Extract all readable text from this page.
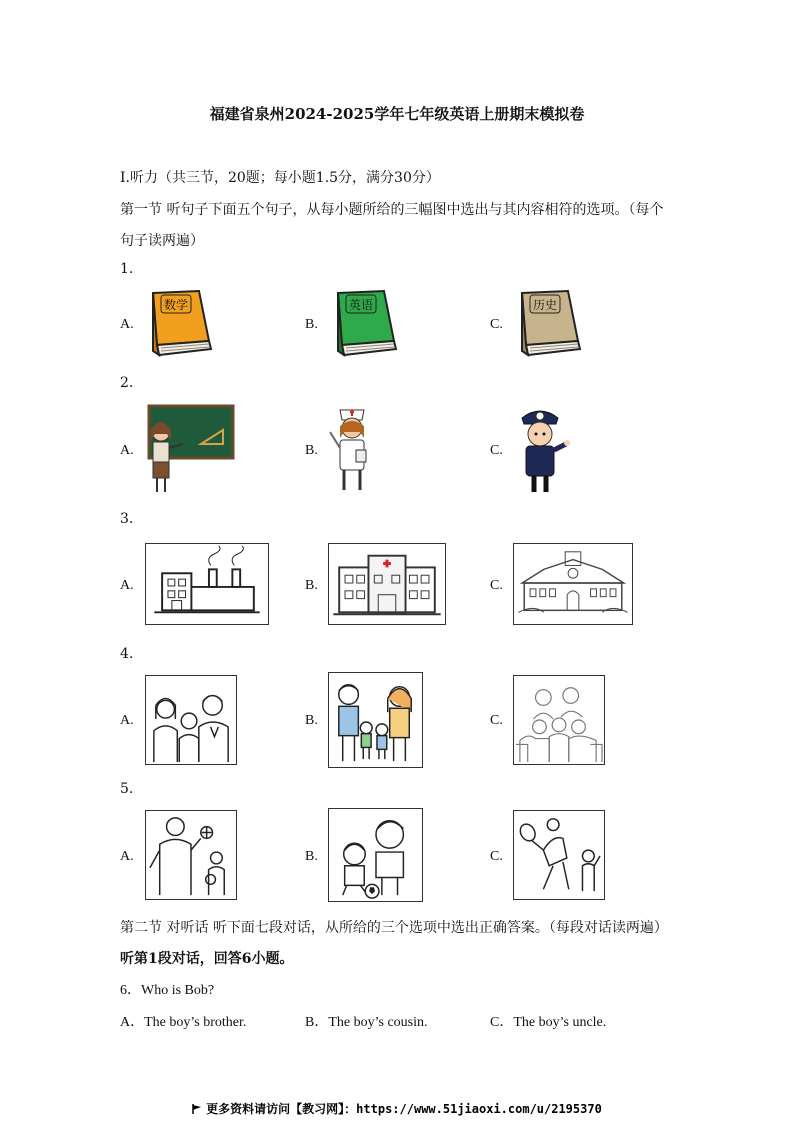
福建省泉州2024-2025学年七年级英语上册期末模拟卷
I.听力（共三节，20题；每小题1.5分，满分30分）
第一节 听句子下面五个句子，从每小题所给的三幅图中选出与其内容相符的选项。（每个
句子读两遍）
1.
A.	B.	C.
数学	英语	历史
2.
A.	B.	C.
3.
A.	B.	C.
4.
A.	B.	C.
5.
A.	B.	C.
第二节 对听话 听下面七段对话，从所给的三个选项中选出正确答案。（每段对话读两遍）
听第1段对话，回答6小题。
6．Who is Bob?
A．The boy’s brother.	B．The boy’s cousin.	C．The boy’s uncle.
更多资料请访问【教习网】：https://www.51jiaoxi.com/u/2195370
